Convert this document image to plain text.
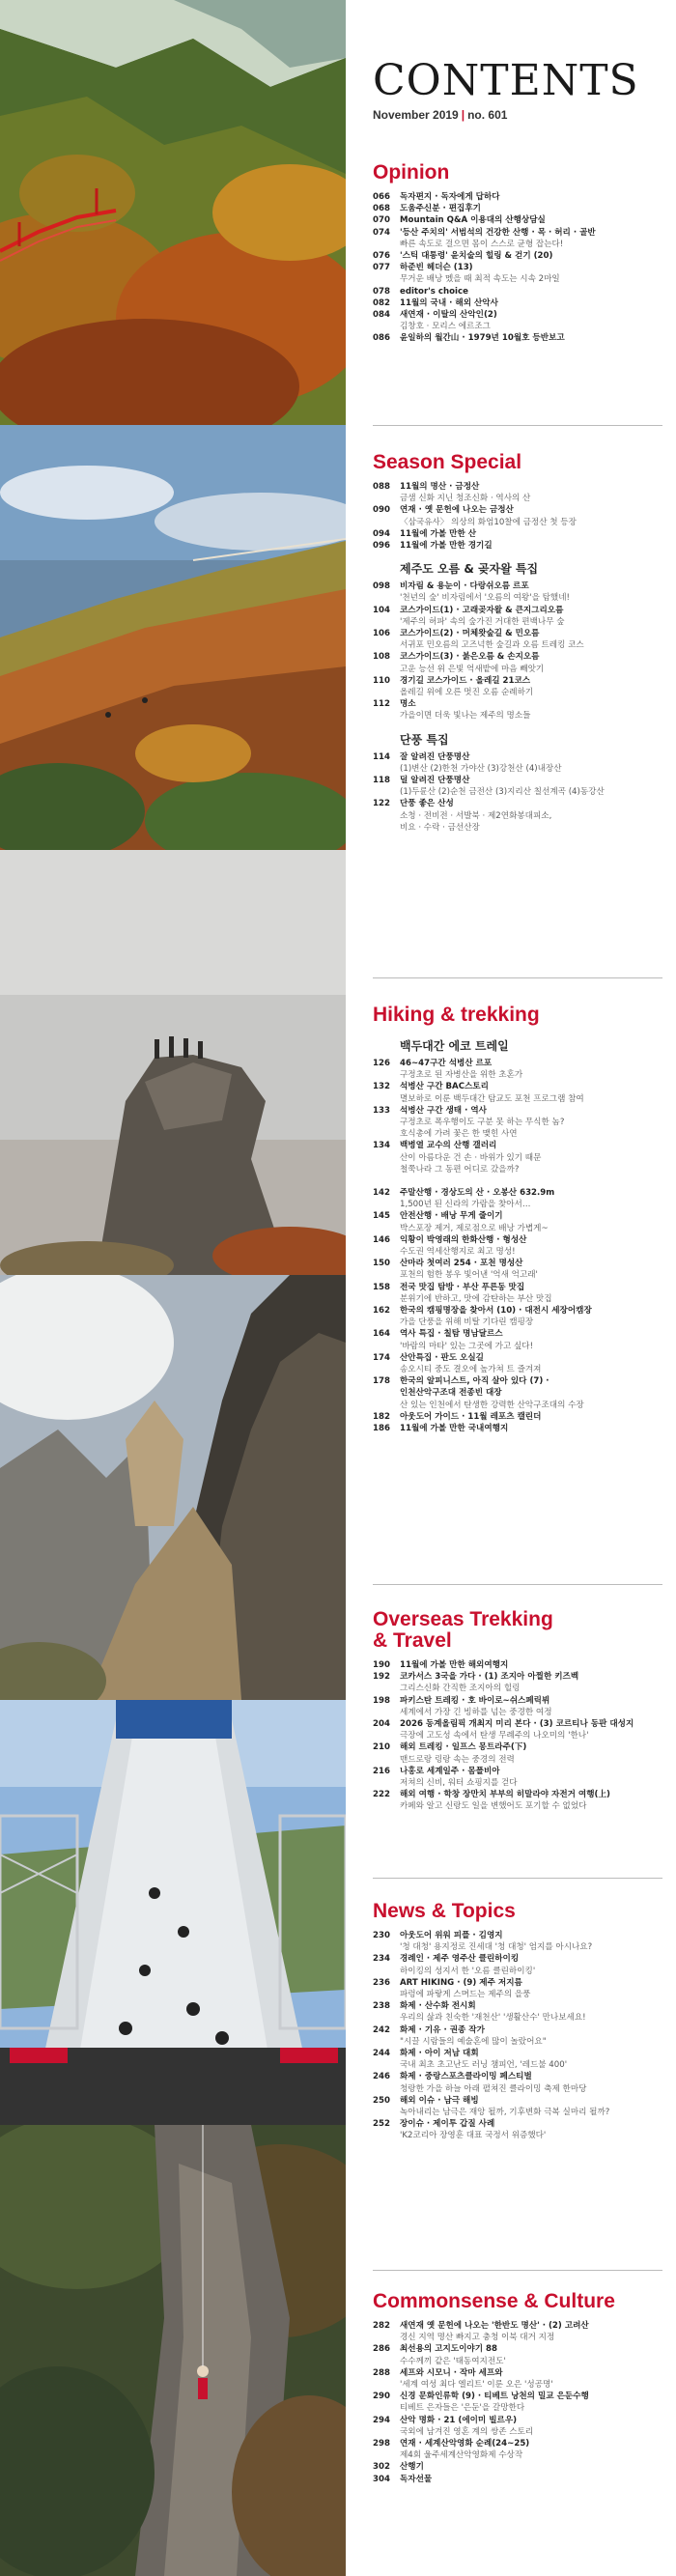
CONTENTS
November 2019 | no. 601
Opinion
066	독자편지 · 독자에게 답하다
068	도움주신분 · 편집후기
070	Mountain Q&A 이용대의 산행상담실
074	'등산 주치의' 서범석의 건강한 산행 · 목 · 허리 · 골반
빠른 속도로 걸으면 몸이 스스로 균형 잡는다!
076	'스틱 대통령' 윤치술의 힐링 & 걷기 (20)
077	하준빈 헤더슨 (13)
무거운 배낭 멨을 때 최적 속도는 시속 2마일
078	editor's choice
082	11월의 국내 · 해외 산악사
084	새연재 · 이탈의 산악인(2)
김창호 · 모리스 에르조그
086	윤일하의 월간山 · 1979년 10월호 등반보고
Season Special
088	11월의 명산 · 금정산
금샘 신화 지닌 청조신화 · 역사의 산
090	연재 · 옛 문헌에 나오는 금정산
〈삼국유사〉 의상의 화엄10찰에 금정산 첫 등장
094	11월에 가볼 만한 산
096	11월에 가볼 만한 경기길
제주도 오름 & 곶자왈 특집
098	비자림 & 용눈이 · 다랑쉬오름 르포
'천년의 숲' 비자림에서 '오름의 여왕'을 탐했네!
104	코스가이드(1) · 고래곶자왈 & 큰지그리오름
'제주의 허파' 속의 숲가진 거대한 편백나무 숲
106	코스가이드(2) · 머체왓숲길 & 민오름
서귀포 민오름의 고즈넉한 숲길과 오름 트레킹 코스
108	코스가이드(3) · 붉은오름 & 손지오름
고운 능선 위 은빛 억새밭에 마음 빼앗기
110	경기길 코스가이드 · 올레길 21코스
올레길 위에 오른 멋진 오름 순례하기
112	명소
가을이면 더욱 빛나는 제주의 명소들
단풍 특집
114	잘 알려진 단풍명산
(1)변산 (2)한천 가야산 (3)강천산 (4)내장산
118	덜 알려진 단풍명산
(1)두륜산 (2)순천 금전산 (3)지리산 칠선계곡 (4)동강산
122	단풍 좋은 산성
소청 · 전비전 · 서발북 · 제2연화봉대피소,
비요 · 수락 · 금선산장
Hiking & trekking
백두대간 에코 트레일
126	46~47구간 석병산 르포
구정초로 된 자병산을 위한 초혼가
132	석병산 구간 BAC스토리
멸보하로 이룬 백두대간 탐교도 포천 프로그램 참여
133	석병산 구간 생태 · 역사
구정초로 폭우행이도 구분 못 하는 무식한 놈?
호식총에 가려 꽃은 한 맺힌 사연
134	백병열 교수의 산행 갤러리
산이 아름다운 건 손 · 바위가 있기 때문
철쭉나라 그 동편 어디로 갔을까?
142	주말산행 · 경상도의 산 · 오봉산 632.9m
1,500년 된 신라의 가람을 찾아서…
145	안전산행 · 배낭 무게 줄이기
박스포장 제거, 제로점으로 배낭 가볍게~
146	익황이 박영래의 한화산행 · 형성산
수도권 역세산행지로 최고 명성!
150	산마라 첫여러 254 · 포천 명성산
포천의 험한 봉우 빛어낸 '억새 억고래'
158	전국 맛집 탐방 · 부산 푸른동 맛집
분위기에 반하고, 맛에 감탄하는 부산 맛집
162	한국의 캠핑명장을 찾아서 (10) · 대전시 세장어캠장
가을 단풍을 위해 비탈 기다린 캠핑장
164	역사 특집 · 칠탐 명남달르스
'바람의 마타' 있는 그곳에 가고 싶다!
174	산안특집 · 판도 오실길
송오시티 중도 결오에 높가쳐 트 즐겨져
178	한국의 알피니스트, 아직 살아 있다 (7) ·
인천산악구조대 전종빈 대장
산 있는 인천에서 탄생한 강력한 산악구조대의 수장
182	아웃도어 가이드 · 11월 레포츠 캘린더
186	11월에 가볼 만한 국내여행지
Overseas Trekking & Travel
190	11월에 가볼 만한 해외여행지
192	코카서스 3국을 가다 · (1) 조지아 아찔한 키즈벡
그리스신화 간직한 조지아의 힐링
198	파키스탄 트레킹 · 호 바이로~쉬스페릭뷔
세계에서 가장 긴 빙하를 넘는 중경한 여정
204	2026 동계올림픽 개최지 미리 본다 · (3) 코르티나 동판 대성지
극장에 고도성 속에서 탄생 무례주의 나오미의 '한나'
210	해외 트레킹 · 일프스 몽트라주(下)
맨드로랑 링랑 속는 중경의 전력
216	나홍로 세계일주 · 몸폴비아
저쳐의 신비, 워터 쇼핑지를 걷다
222	해외 여행 · 학창 장만치 부부의 히말라야 자전거 여행(上)
카페와 알고 신랑도 일을 변했어도 포기할 수 없었다
News & Topics
230	아웃도어 위워 피플 · 김영지
'청 대청' 용지정로 진세대 '청 대청' 엄지를 아시나요?
234	경례인 · 제주 영주산 클린하이킹
하이킹의 성지서 한 '오름 클린하이킹'
236	ART HIKING · (9) 제주 저지름
파렁에 파랗게 스며드는 제주의 을풍
238	화제 · 산수화 전시회
우리의 삶과 친숙한 '재천산' '생활산수' 만나보세요!
242	화제 · 기유 · 권종 작가
"시끌 시람들의 예술혼에 많이 놀랐어요"
244	화제 · 아이 저남 대회
국내 최초 초고난도 러닝 챔피언, '레드불 400'
246	화제 · 중랑스포츠클라이밍 페스티벌
청랑한 가을 하늘 아래 펼쳐진 클라이밍 축제 한마당
250	해외 이슈 · 남극 해빙
녹아내리는 남극은 재앙 될까, 기후변화 극복 실마리 될까?
252	장이슈 · 제이투 갑질 사례
'K2코리아 장영훈 대표 국정서 위증했다'
Commonsense & Culture
282	새연재 옛 문헌에 나오는 '한반도 명산' · (2) 고려산
경신 지역 명산 빠지고 충청 이북 대거 지정
286	최선용의 고지도이야기 88
수수께끼 같은 '태동여지전도'
288	세프와 시모니 · 작마 세프와
'세계 여성 최다 엘리트' 이룬 오은 '성공명'
290	신경 문화인류학 (9) · 티베트 낭천의 밀교 은둔수행
티베트 은자들은 '은둔'을 갈망한다
294	산악 명화 · 21 (에이미 빌르우)
국외에 남겨진 영혼 계의 쌍존 스토리
298	연재 · 세계산악영화 순례(24~25)
제4회 울주세계산악영화제 수상작
302	산행기
304	독자선물
